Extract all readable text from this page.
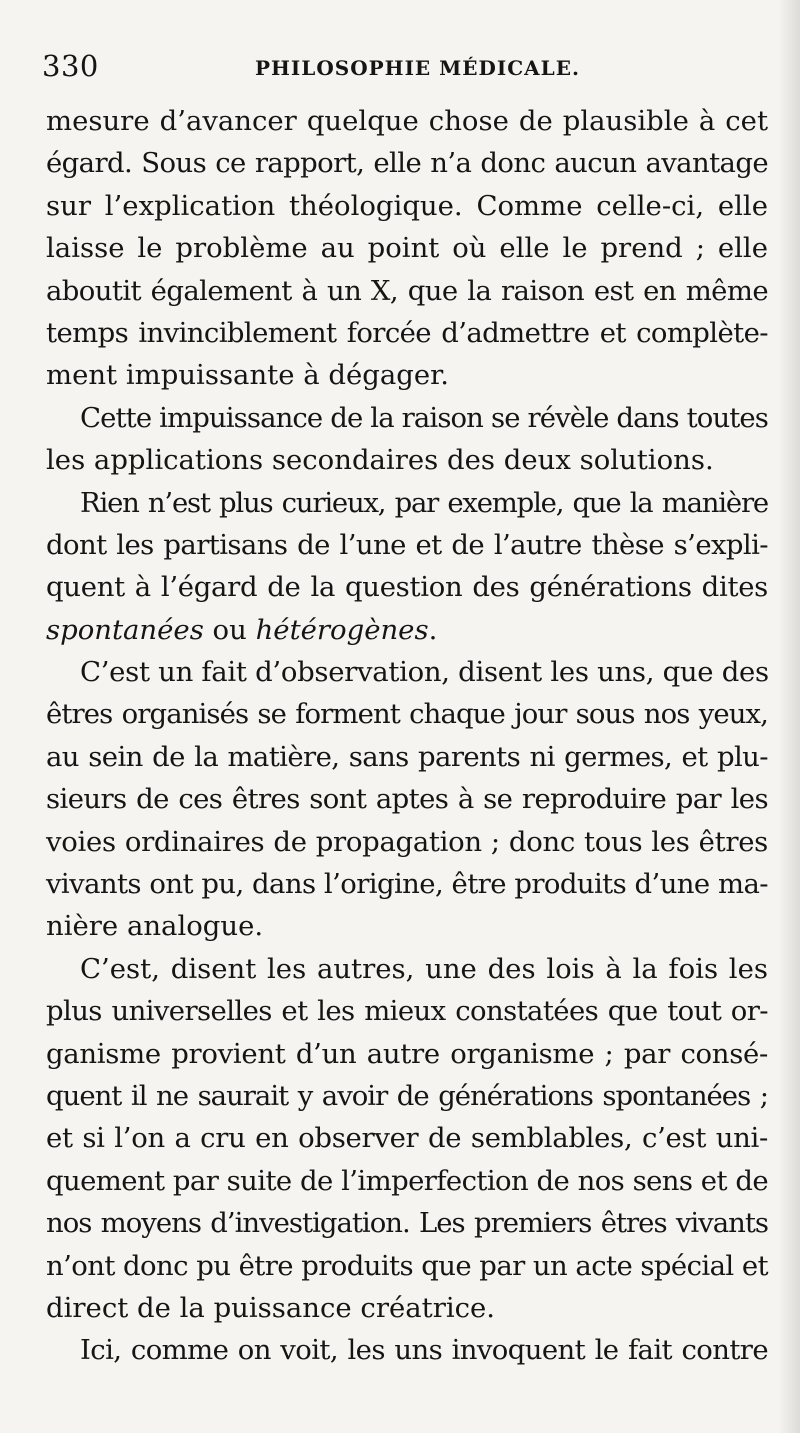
330	PHILOSOPHIE MÉDICALE.
mesure d’avancer quelque chose de plausible à cet
égard. Sous ce rapport, elle n’a donc aucun avantage
sur l’explication théologique. Comme celle-ci, elle
laisse le problème au point où elle le prend ; elle
aboutit également à un X, que la raison est en même
temps invinciblement forcée d’admettre et complète-
ment impuissante à dégager.
Cette impuissance de la raison se révèle dans toutes
les applications secondaires des deux solutions.
Rien n’est plus curieux, par exemple, que la manière
dont les partisans de l’une et de l’autre thèse s’expli-
quent à l’égard de la question des générations dites
spontanées ou hétérogènes.
C’est un fait d’observation, disent les uns, que des
êtres organisés se forment chaque jour sous nos yeux,
au sein de la matière, sans parents ni germes, et plu-
sieurs de ces êtres sont aptes à se reproduire par les
voies ordinaires de propagation ; donc tous les êtres
vivants ont pu, dans l’origine, être produits d’une ma-
nière analogue.
C’est, disent les autres, une des lois à la fois les
plus universelles et les mieux constatées que tout or-
ganisme provient d’un autre organisme ; par consé-
quent il ne saurait y avoir de générations spontanées ;
et si l’on a cru en observer de semblables, c’est uni-
quement par suite de l’imperfection de nos sens et de
nos moyens d’investigation. Les premiers êtres vivants
n’ont donc pu être produits que par un acte spécial et
direct de la puissance créatrice.
Ici, comme on voit, les uns invoquent le fait contre
